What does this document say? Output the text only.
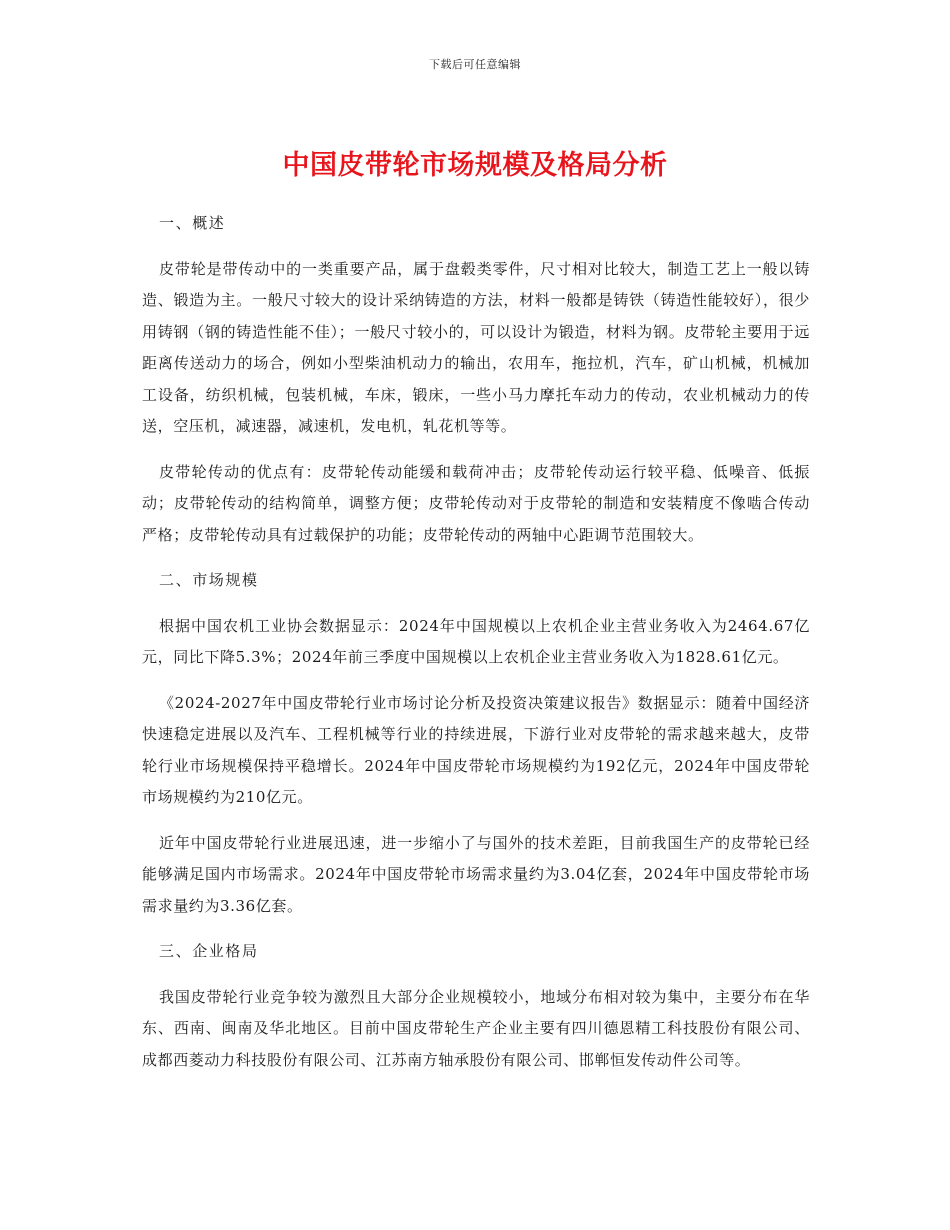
下载后可任意编辑
中国皮带轮市场规模及格局分析
一、概述

皮带轮是带传动中的一类重要产品，属于盘毂类零件，尺寸相对比较大，制造工艺上一般以铸造、锻造为主。一般尺寸较大的设计采纳铸造的方法，材料一般都是铸铁（铸造性能较好），很少用铸钢（钢的铸造性能不佳）；一般尺寸较小的，可以设计为锻造，材料为钢。皮带轮主要用于远距离传送动力的场合，例如小型柴油机动力的输出，农用车，拖拉机，汽车，矿山机械，机械加工设备，纺织机械，包装机械，车床，锻床，一些小马力摩托车动力的传动，农业机械动力的传送，空压机，减速器，减速机，发电机，轧花机等等。

皮带轮传动的优点有：皮带轮传动能缓和载荷冲击；皮带轮传动运行较平稳、低噪音、低振动；皮带轮传动的结构简单，调整方便；皮带轮传动对于皮带轮的制造和安装精度不像啮合传动严格；皮带轮传动具有过载保护的功能；皮带轮传动的两轴中心距调节范围较大。

二、市场规模

根据中国农机工业协会数据显示：2024年中国规模以上农机企业主营业务收入为2464.67亿元，同比下降5.3%；2024年前三季度中国规模以上农机企业主营业务收入为1828.61亿元。

《2024-2027年中国皮带轮行业市场讨论分析及投资决策建议报告》数据显示：随着中国经济快速稳定进展以及汽车、工程机械等行业的持续进展，下游行业对皮带轮的需求越来越大，皮带轮行业市场规模保持平稳增长。2024年中国皮带轮市场规模约为192亿元，2024年中国皮带轮市场规模约为210亿元。

近年中国皮带轮行业进展迅速，进一步缩小了与国外的技术差距，目前我国生产的皮带轮已经能够满足国内市场需求。2024年中国皮带轮市场需求量约为3.04亿套，2024年中国皮带轮市场需求量约为3.36亿套。

三、企业格局

我国皮带轮行业竞争较为激烈且大部分企业规模较小，地域分布相对较为集中，主要分布在华东、西南、闽南及华北地区。目前中国皮带轮生产企业主要有四川德恩精工科技股份有限公司、成都西菱动力科技股份有限公司、江苏南方轴承股份有限公司、邯郸恒发传动件公司等。
